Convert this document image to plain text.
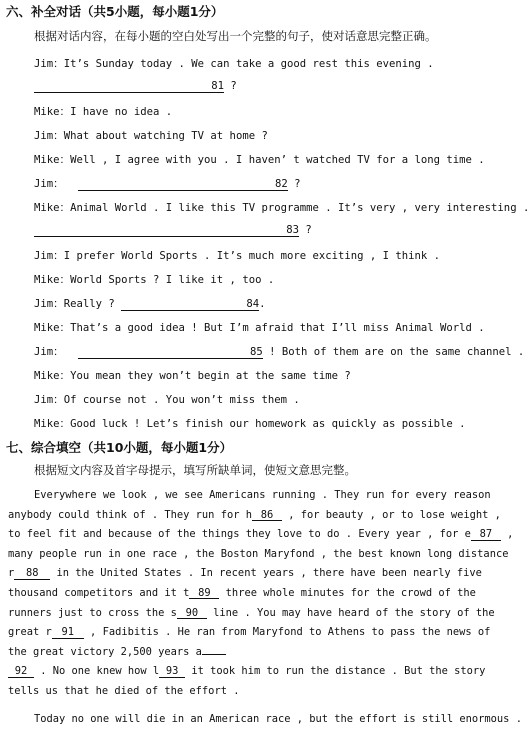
六、补全对话（共5小题，每小题1分）
根据对话内容，在每小题的空白处写出一个完整的句子，使对话意思完整正确。
Jim：It’s Sunday today . We can take a good rest this evening .
81 ?
Mike：I have no idea .
Jim：What about watching TV at home ?
Mike：Well , I agree with you . I haven’ t watched TV for a long time .
Jim：	82 ?
Mike：Animal World . I like this TV programme . It’s very , very interesting .
83 ?
Jim：I prefer World Sports . It’s much more exciting , I think .
Mike：World Sports ? I like it , too .
Jim：Really ?	84.
Mike：That’s a good idea ! But I’m afraid that I’ll miss Animal World .
Jim：	85 ! Both of them are on the same channel .
Mike：You mean they won’t begin at the same time ?
Jim：Of course not . You won’t miss them .
Mike：Good luck ! Let’s finish our homework as quickly as possible .
七、综合填空（共10小题，每小题1分）
根据短文内容及首字母提示，填写所缺单词，使短文意思完整。
Everywhere we look , we see Americans running . They run for every reason
anybody could think of . They run for h 86 , for beauty , or to lose weight ,
to feel fit and because of the things they love to do . Every year , for e 87 ,
many people run in one race , the Boston Maryfond , the best known long distance
r 88 in the United States . In recent years , there have been nearly five
thousand competitors and it t 89 three whole minutes for the crowd of the
runners just to cross the s 90 line . You may have heard of the story of the
great r 91 , Fadibitis . He ran from Maryfond to Athens to pass the news of
the great victory 2,500 years a
92 . No one knew how l 93 it took him to run the distance . But the story
tells us that he died of the effort .
Today no one will die in an American race , but the effort is still enormous .
